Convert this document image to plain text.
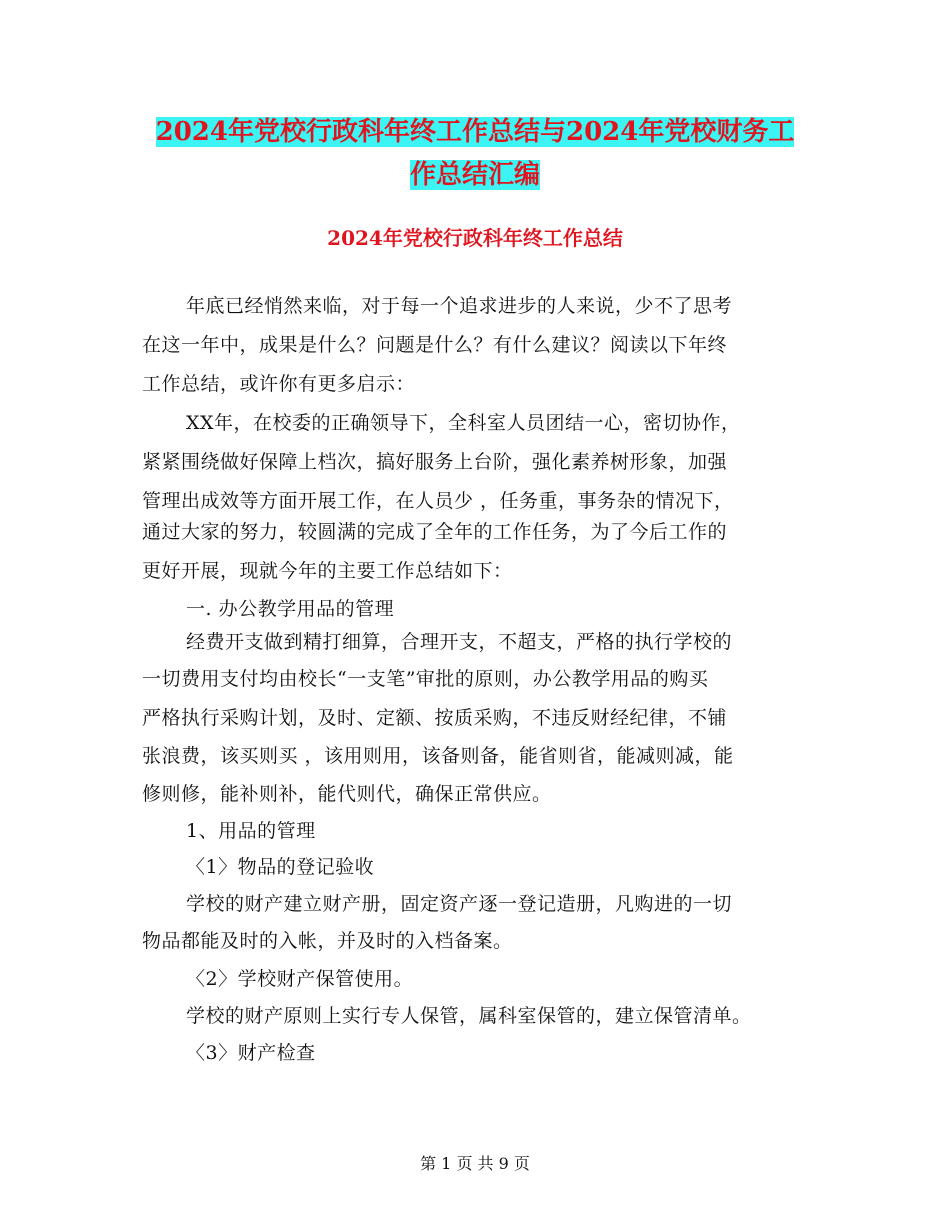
2024年党校行政科年终工作总结与2024年党校财务工
作总结汇编
2024年党校行政科年终工作总结
年底已经悄然来临，对于每一个追求进步的人来说，少不了思考
在这一年中，成果是什么？问题是什么？有什么建议？阅读以下年终
工作总结，或许你有更多启示：
XX年，在校委的正确领导下，全科室人员团结一心，密切协作，
紧紧围绕做好保障上档次，搞好服务上台阶，强化素养树形象，加强
管理出成效等方面开展工作，在人员少 ，任务重，事务杂的情况下，
通过大家的努力，较圆满的完成了全年的工作任务，为了今后工作的
更好开展，现就今年的主要工作总结如下：
一. 办公教学用品的管理
经费开支做到精打细算，合理开支，不超支，严格的执行学校的
一切费用支付均由校长“一支笔”审批的原则，办公教学用品的购买
严格执行采购计划，及时、定额、按质采购，不违反财经纪律，不铺
张浪费，该买则买 ，该用则用，该备则备，能省则省，能减则减，能
修则修，能补则补，能代则代，确保正常供应。
1、用品的管理
〈1〉物品的登记验收
学校的财产建立财产册，固定资产逐一登记造册，凡购进的一切
物品都能及时的入帐，并及时的入档备案。
〈2〉学校财产保管使用。
学校的财产原则上实行专人保管，属科室保管的，建立保管清单。
〈3〉财产检查
第 1 页 共 9 页
